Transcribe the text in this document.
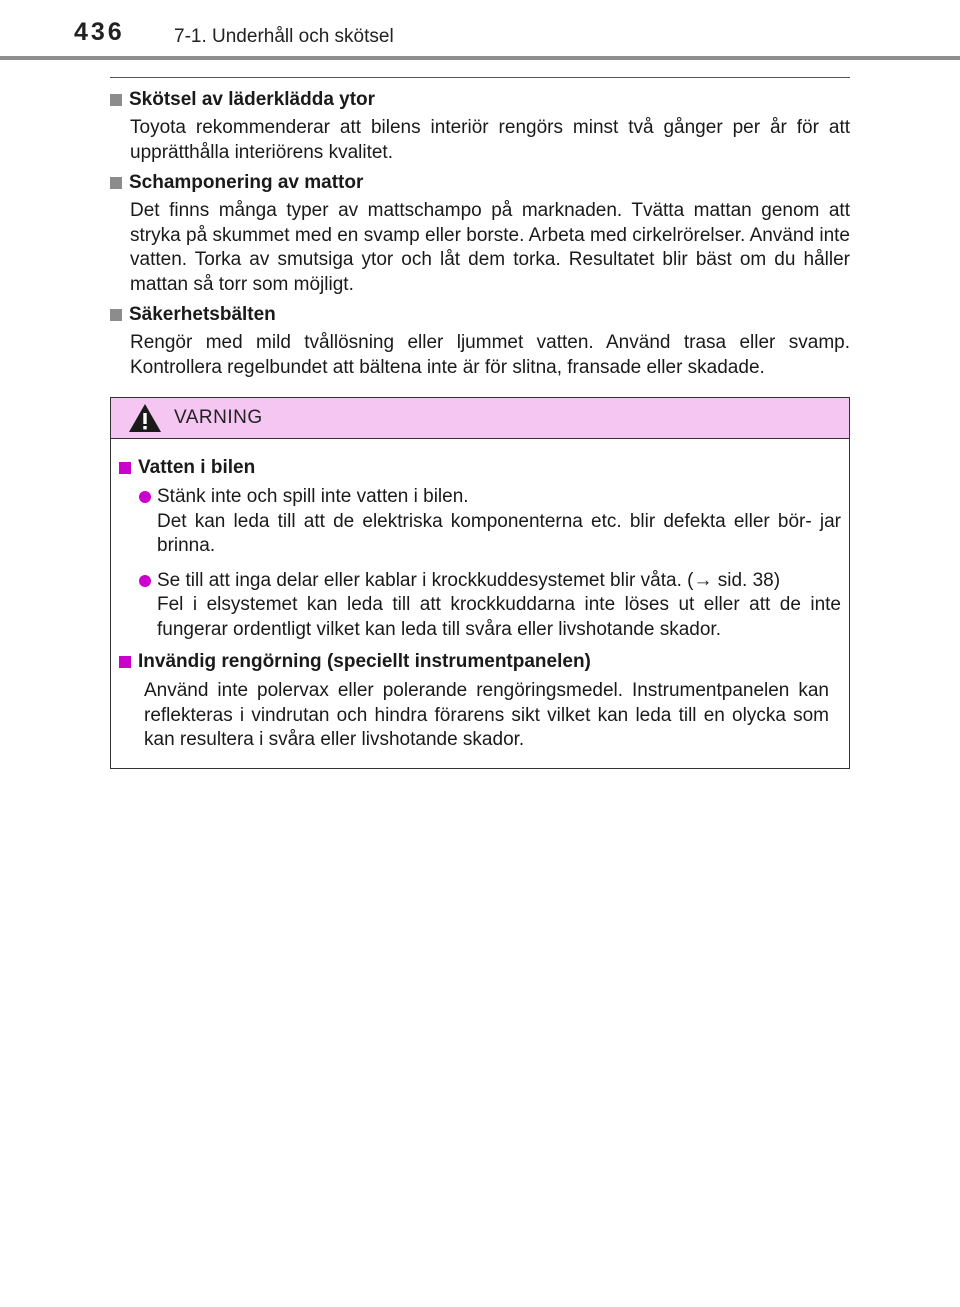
436	7-1. Underhåll och skötsel
Skötsel av läderklädda ytor
Toyota rekommenderar att bilens interiör rengörs minst två gånger per år för att upprätthålla interiörens kvalitet.
Schamponering av mattor
Det finns många typer av mattschampo på marknaden. Tvätta mattan genom att stryka på skummet med en svamp eller borste. Arbeta med cirkelrörelser. Använd inte vatten. Torka av smutsiga ytor och låt dem torka. Resultatet blir bäst om du håller mattan så torr som möjligt.
Säkerhetsbälten
Rengör med mild tvållösning eller ljummet vatten. Använd trasa eller svamp. Kontrollera regelbundet att bältena inte är för slitna, fransade eller skadade.
VARNING
Vatten i bilen
Stänk inte och spill inte vatten i bilen.
Det kan leda till att de elektriska komponenterna etc. blir defekta eller bör- jar brinna.
Se till att inga delar eller kablar i krockkuddesystemet blir våta. (→ sid. 38)
Fel i elsystemet kan leda till att krockkuddarna inte löses ut eller att de inte fungerar ordentligt vilket kan leda till svåra eller livshotande skador.
Invändig rengörning (speciellt instrumentpanelen)
Använd inte polervax eller polerande rengöringsmedel. Instrumentpanelen kan reflekteras i vindrutan och hindra förarens sikt vilket kan leda till en olycka som kan resultera i svåra eller livshotande skador.
